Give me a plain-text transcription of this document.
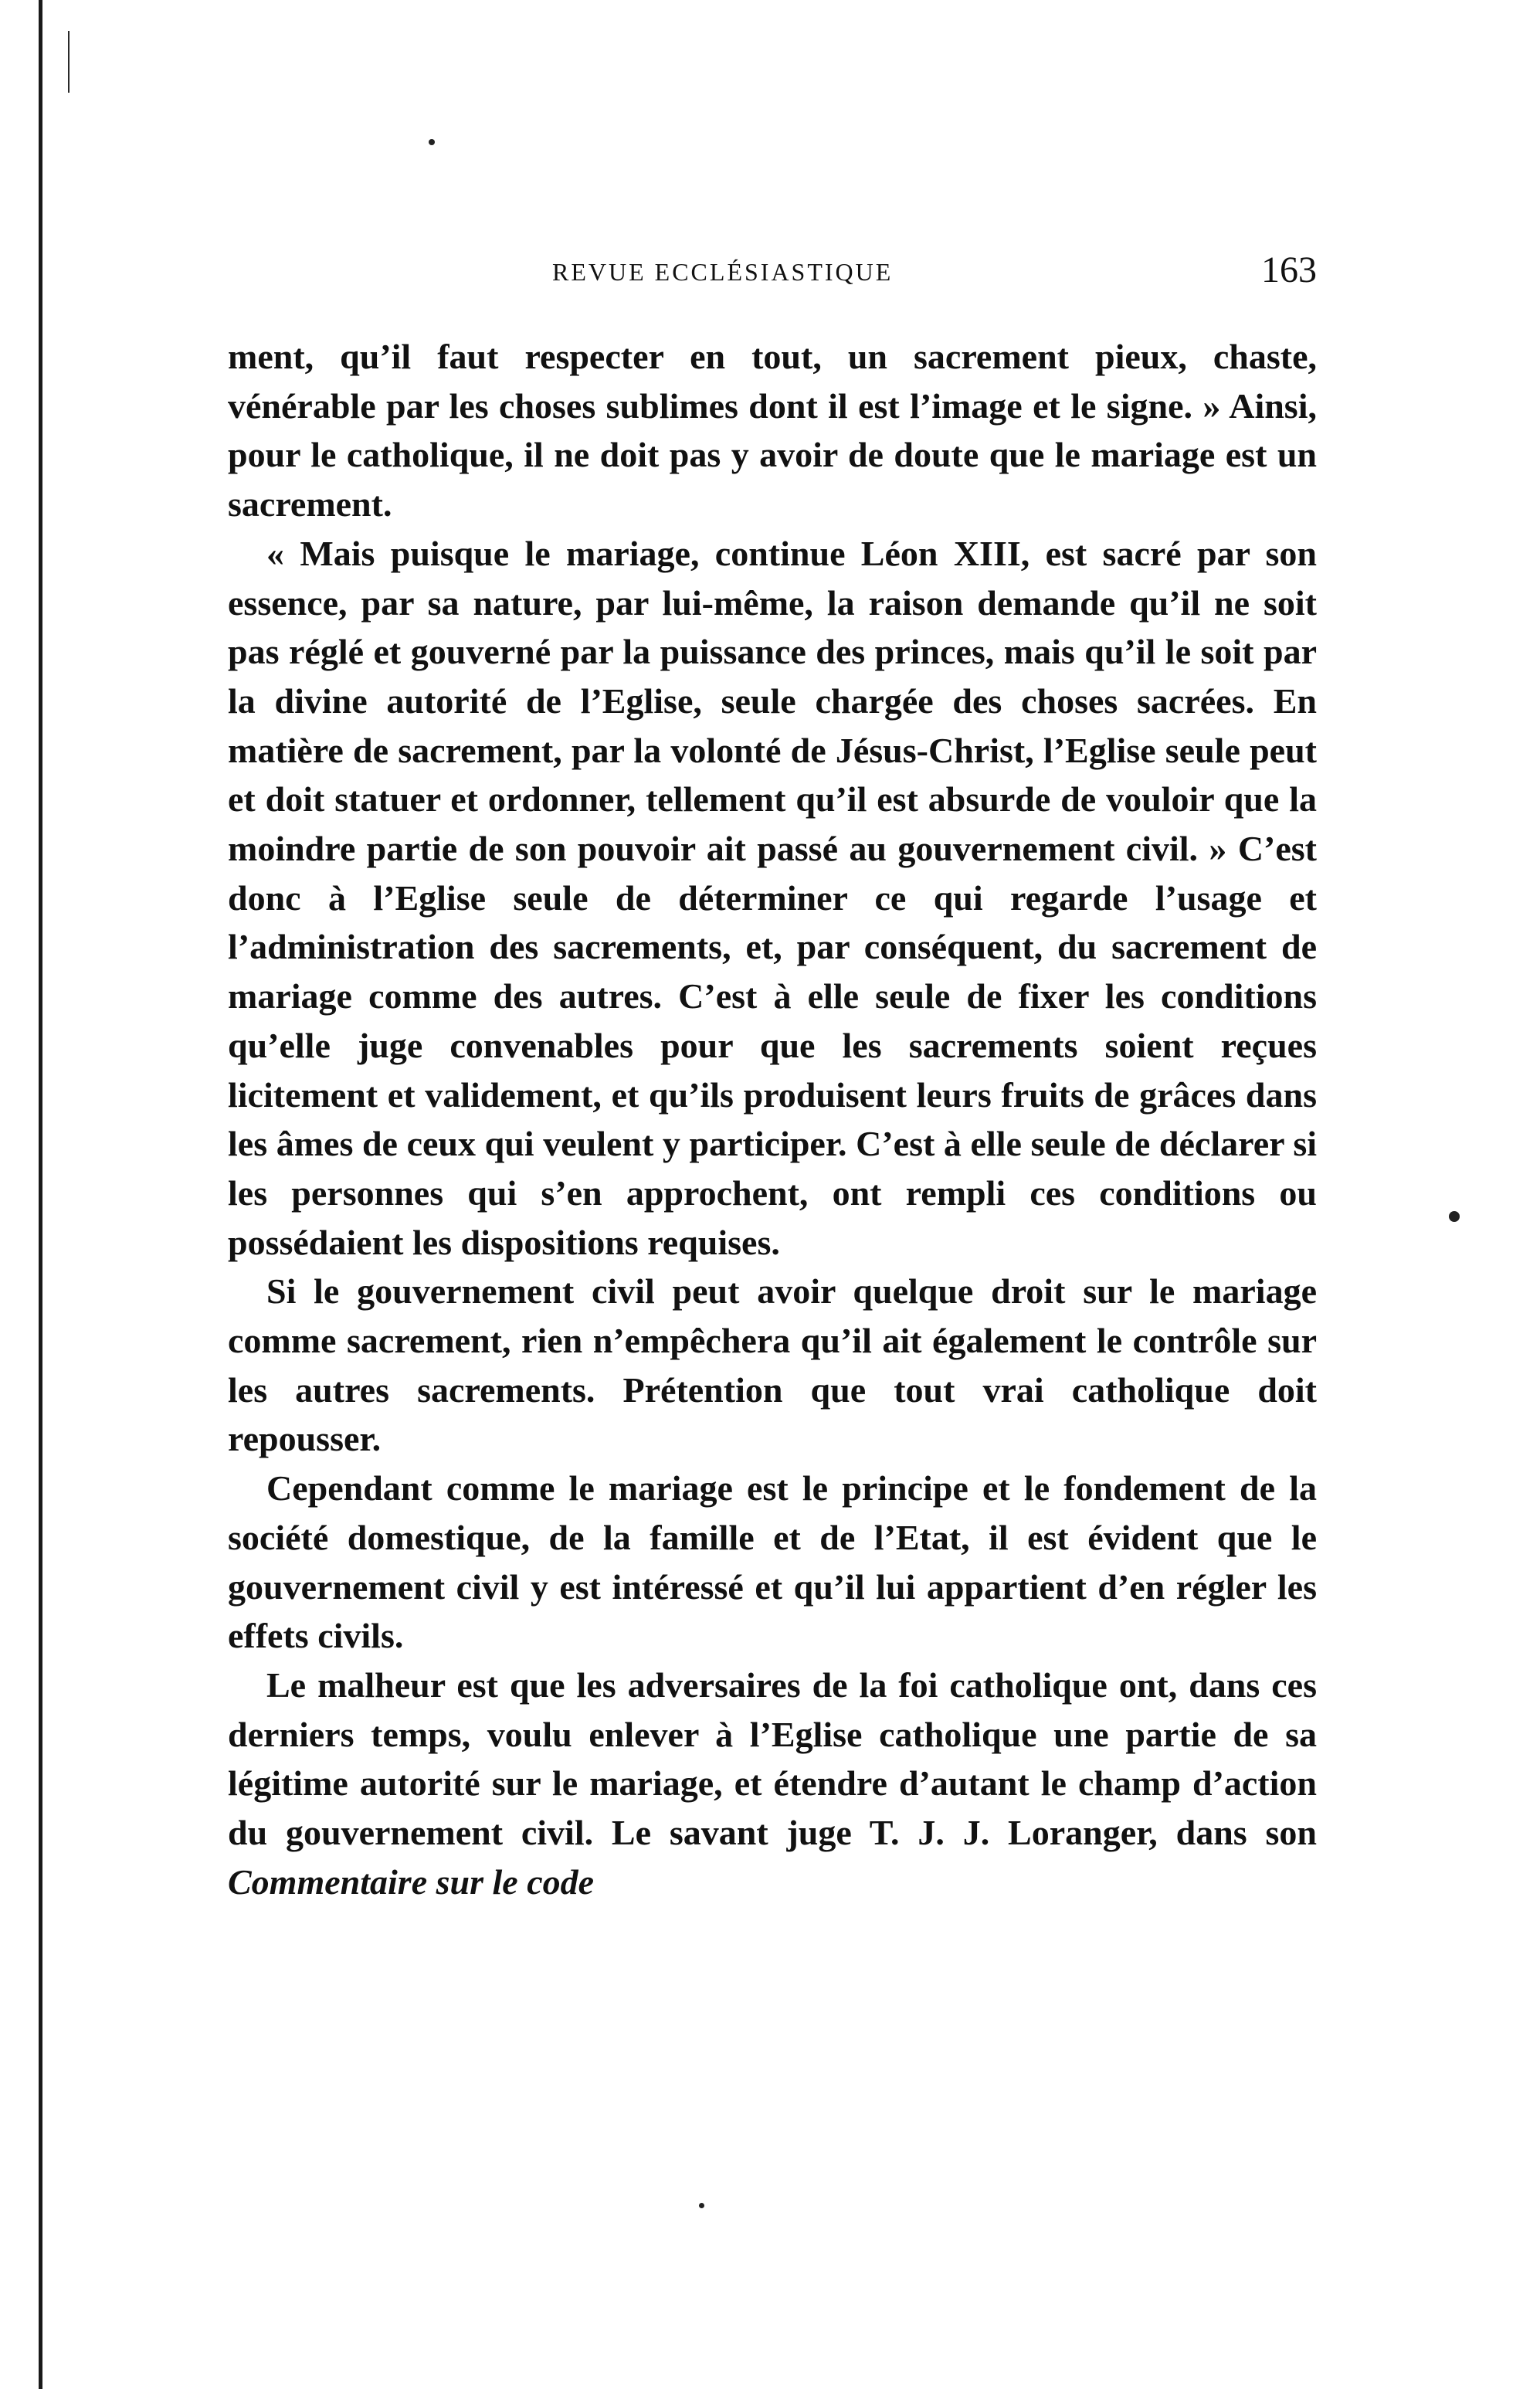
REVUE ECCLÉSIASTIQUE	163

ment, qu’il faut respecter en tout, un sacrement pieux, chaste, vénérable par les choses sublimes dont il est l’image et le signe. » Ainsi, pour le catholique, il ne doit pas y avoir de doute que le mariage est un sacrement.

« Mais puisque le mariage, continue Léon XIII, est sacré par son essence, par sa nature, par lui-même, la raison demande qu’il ne soit pas réglé et gouverné par la puissance des princes, mais qu’il le soit par la divine autorité de l’Eglise, seule chargée des choses sacrées. En matière de sacrement, par la volonté de Jésus-Christ, l’Eglise seule peut et doit statuer et ordonner, tellement qu’il est absurde de vouloir que la moindre partie de son pouvoir ait passé au gouvernement civil. » C’est donc à l’Eglise seule de déterminer ce qui regarde l’usage et l’administration des sacrements, et, par conséquent, du sacrement de mariage comme des autres. C’est à elle seule de fixer les conditions qu’elle juge convenables pour que les sacrements soient reçues licitement et validement, et qu’ils produisent leurs fruits de grâces dans les âmes de ceux qui veulent y participer. C’est à elle seule de déclarer si les personnes qui s’en approchent, ont rempli ces conditions ou possédaient les dispositions requises.

Si le gouvernement civil peut avoir quelque droit sur le mariage comme sacrement, rien n’empêchera qu’il ait également le contrôle sur les autres sacrements. Prétention que tout vrai catholique doit repousser.

Cependant comme le mariage est le principe et le fondement de la société domestique, de la famille et de l’Etat, il est évident que le gouvernement civil y est intéressé et qu’il lui appartient d’en régler les effets civils.

Le malheur est que les adversaires de la foi catholique ont, dans ces derniers temps, voulu enlever à l’Eglise catholique une partie de sa légitime autorité sur le mariage, et étendre d’autant le champ d’action du gouvernement civil. Le savant juge T. J. J. Loranger, dans son Commentaire sur le code
